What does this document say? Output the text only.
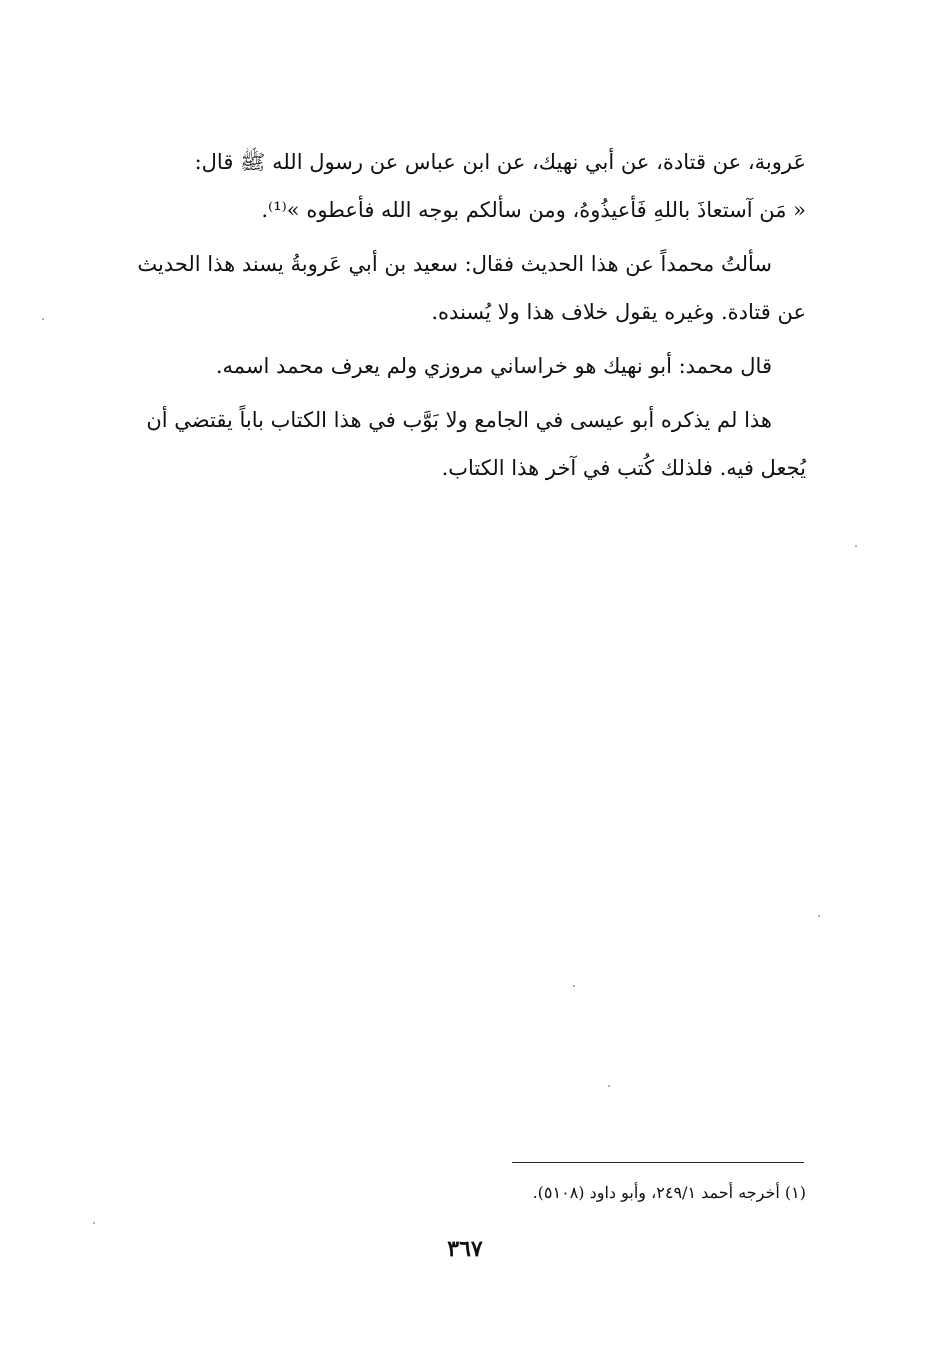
عَروبة، عن قتادة، عن أبي نهيك، عن ابن عباس عن رسول الله ﷺ قال:
« مَن آستعاذَ باللهِ فَأعيذُوهُ، ومن سألكم بوجه الله فأعطوه »⁽¹⁾.

سألتُ محمداً عن هذا الحديث فقال: سعيد بن أبي عَروبةُ يسند هذا الحديث
عن قتادة. وغيره يقول خلاف هذا ولا يُسنده.

قال محمد: أبو نهيك هو خراساني مروزي ولم يعرف محمد اسمه.

هذا لم يذكره أبو عيسى في الجامع ولا بَوَّب في هذا الكتاب باباً يقتضي أن
يُجعل فيه. فلذلك كُتب في آخر هذا الكتاب.

(١) أخرجه أحمد ٢٤٩/١، وأبو داود (٥١٠٨).
٣٦٧
